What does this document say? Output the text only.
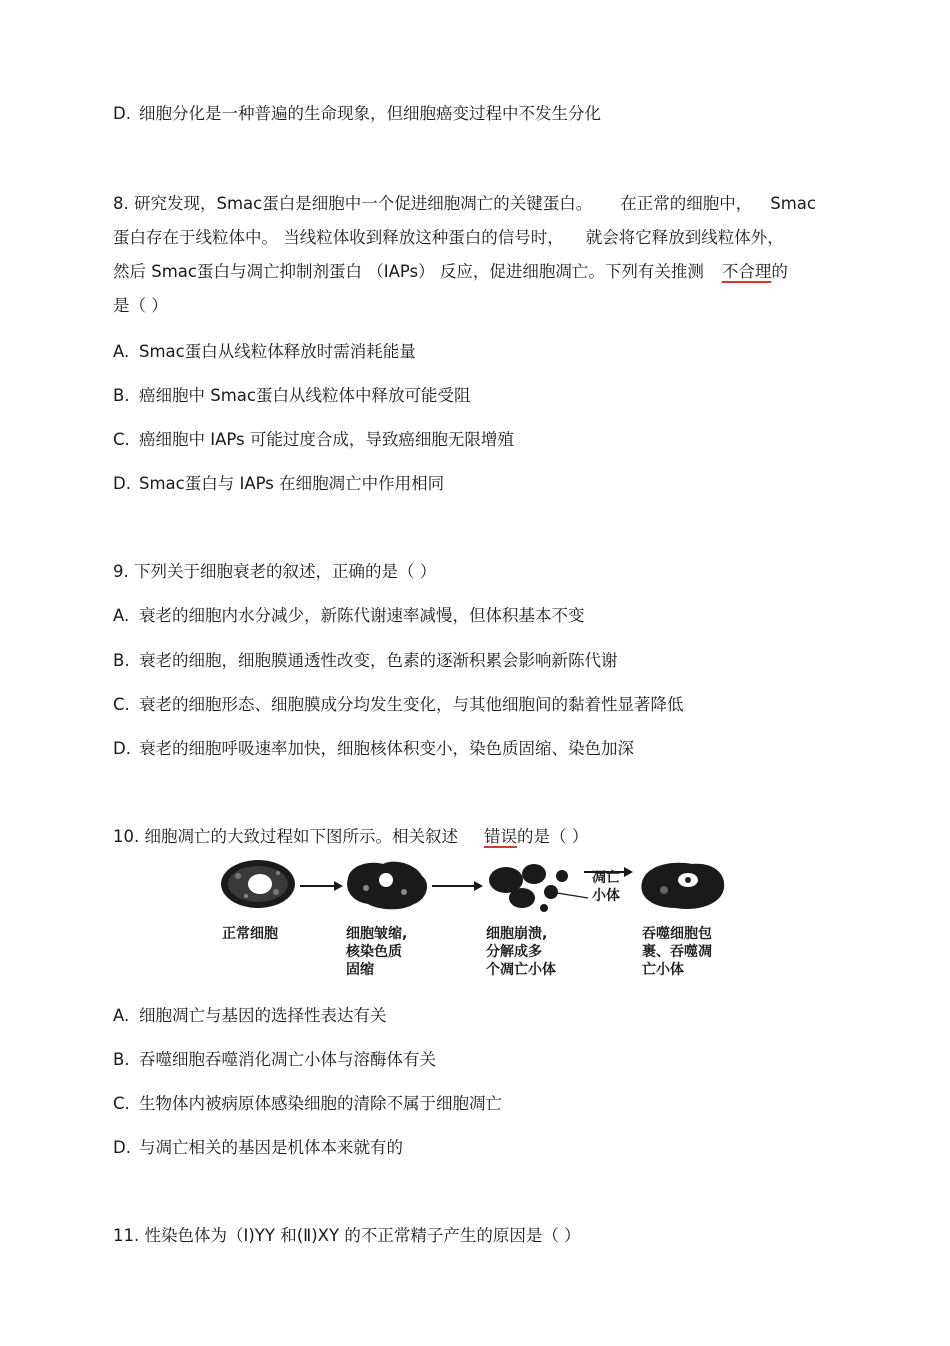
D. 细胞分化是一种普遍的生命现象，但细胞癌变过程中不发生分化
8. 研究发现，Smac蛋白是细胞中一个促进细胞凋亡的关键蛋白。 在正常的细胞中， Smac
蛋白存在于线粒体中。 当线粒体收到释放这种蛋白的信号时， 就会将它释放到线粒体外，
然后 Smac蛋白与凋亡抑制剂蛋白 （IAPs） 反应，促进细胞凋亡。下列有关推测 不合理的
是（ ）
A. Smac蛋白从线粒体释放时需消耗能量
B. 癌细胞中 Smac蛋白从线粒体中释放可能受阻
C. 癌细胞中 IAPs 可能过度合成，导致癌细胞无限增殖
D. Smac蛋白与 IAPs 在细胞凋亡中作用相同
9. 下列关于细胞衰老的叙述，正确的是（ ）
A. 衰老的细胞内水分减少，新陈代谢速率减慢，但体积基本不变
B. 衰老的细胞，细胞膜通透性改变，色素的逐渐积累会影响新陈代谢
C. 衰老的细胞形态、细胞膜成分均发生变化，与其他细胞间的黏着性显著降低
D. 衰老的细胞呼吸速率加快，细胞核体积变小，染色质固缩、染色加深
10. 细胞凋亡的大致过程如下图所示。相关叙述 错误的是（ ）
凋亡
小体
正常细胞	细胞皱缩,
核染色质
固缩
细胞崩溃,
分解成多
个凋亡小体
吞噬细胞包
裹、吞噬凋
亡小体
A. 细胞凋亡与基因的选择性表达有关
B. 吞噬细胞吞噬消化凋亡小体与溶酶体有关
C. 生物体内被病原体感染细胞的清除不属于细胞凋亡
D. 与凋亡相关的基因是机体本来就有的
11. 性染色体为（Ⅰ)YY 和(Ⅱ)XY 的不正常精子产生的原因是（ ）
